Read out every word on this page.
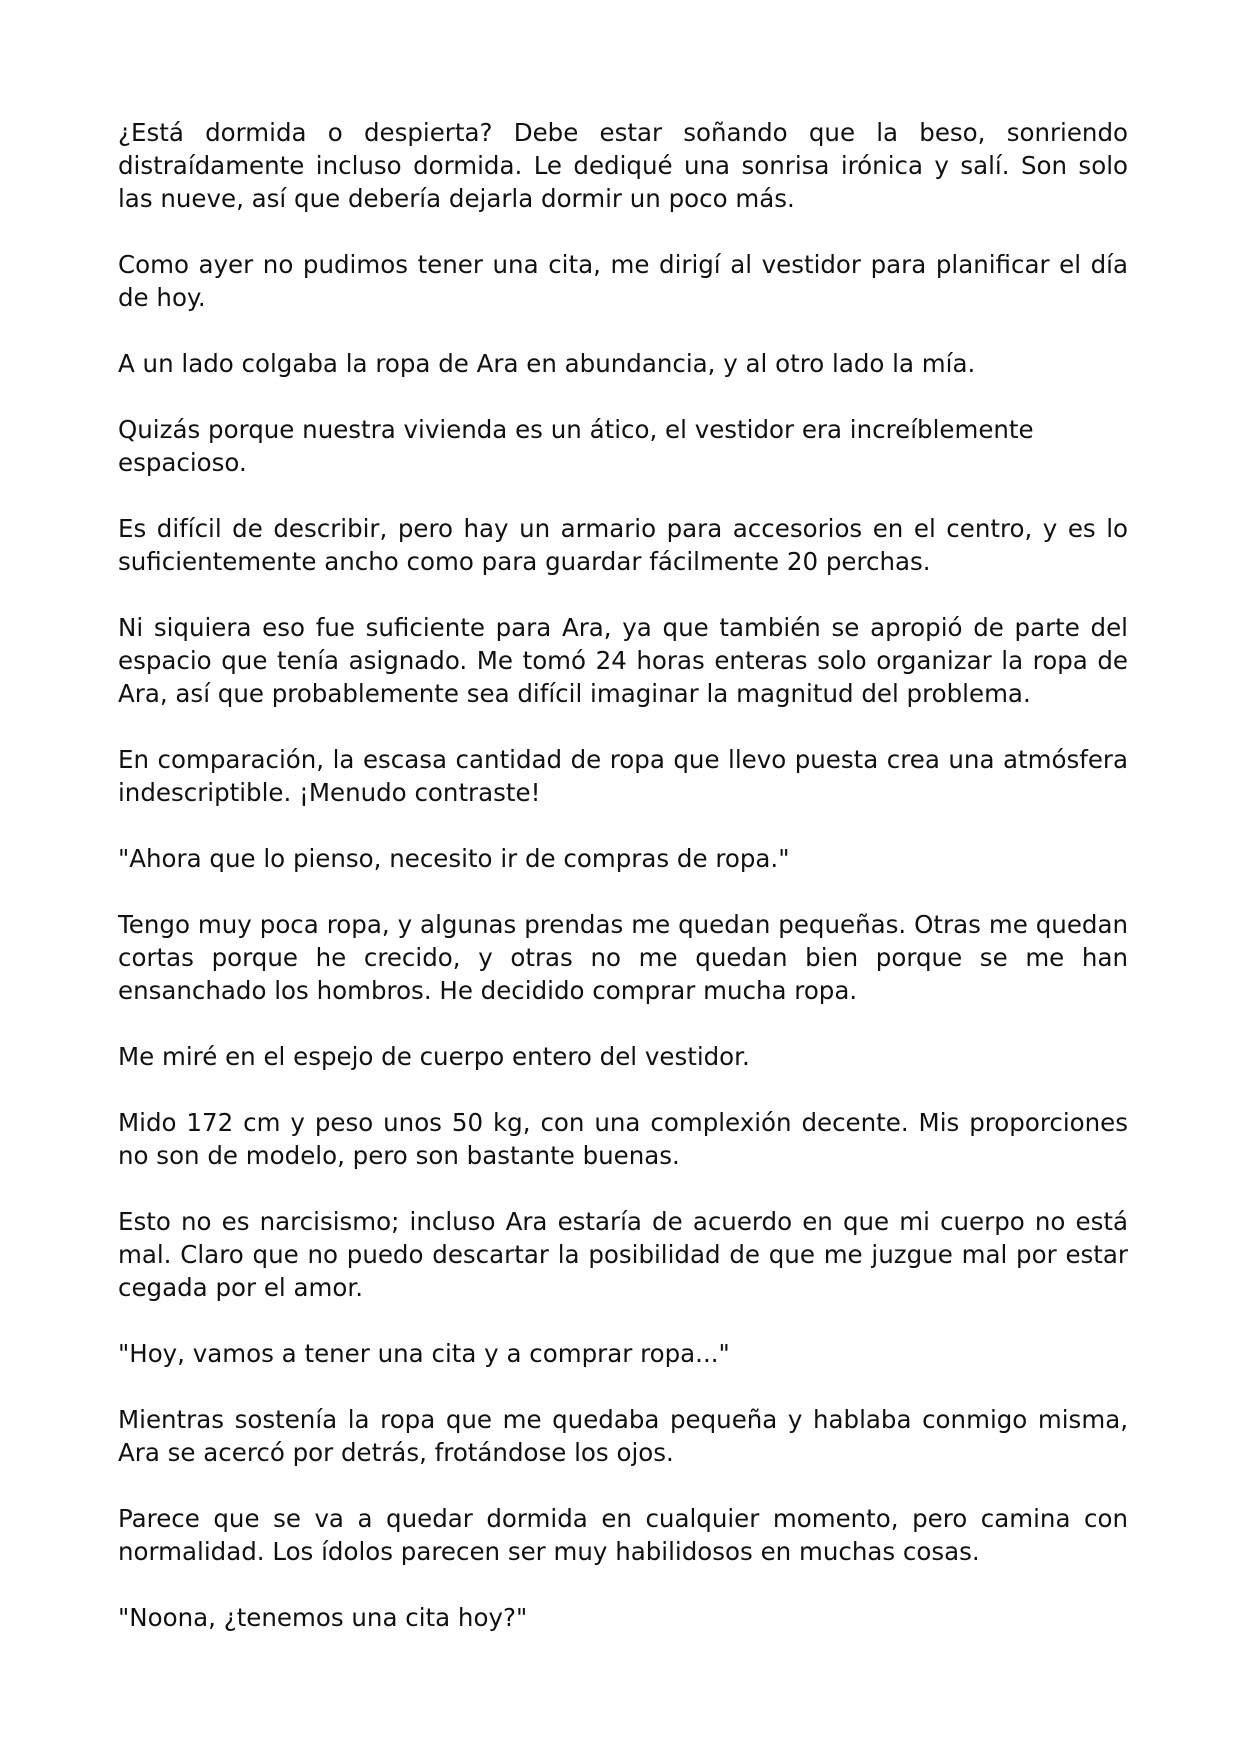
¿Está dormida o despierta? Debe estar soñando que la beso, sonriendo distraídamente incluso dormida. Le dediqué una sonrisa irónica y salí. Son solo las nueve, así que debería dejarla dormir un poco más.

Como ayer no pudimos tener una cita, me dirigí al vestidor para planificar el día de hoy.

A un lado colgaba la ropa de Ara en abundancia, y al otro lado la mía.

Quizás porque nuestra vivienda es un ático, el vestidor era increíblemente espacioso.

Es difícil de describir, pero hay un armario para accesorios en el centro, y es lo suficientemente ancho como para guardar fácilmente 20 perchas.

Ni siquiera eso fue suficiente para Ara, ya que también se apropió de parte del espacio que tenía asignado. Me tomó 24 horas enteras solo organizar la ropa de Ara, así que probablemente sea difícil imaginar la magnitud del problema.

En comparación, la escasa cantidad de ropa que llevo puesta crea una atmósfera indescriptible. ¡Menudo contraste!

"Ahora que lo pienso, necesito ir de compras de ropa."

Tengo muy poca ropa, y algunas prendas me quedan pequeñas. Otras me quedan cortas porque he crecido, y otras no me quedan bien porque se me han ensanchado los hombros. He decidido comprar mucha ropa.

Me miré en el espejo de cuerpo entero del vestidor.

Mido 172 cm y peso unos 50 kg, con una complexión decente. Mis proporciones no son de modelo, pero son bastante buenas.

Esto no es narcisismo; incluso Ara estaría de acuerdo en que mi cuerpo no está mal. Claro que no puedo descartar la posibilidad de que me juzgue mal por estar cegada por el amor.

"Hoy, vamos a tener una cita y a comprar ropa..."

Mientras sostenía la ropa que me quedaba pequeña y hablaba conmigo misma, Ara se acercó por detrás, frotándose los ojos.

Parece que se va a quedar dormida en cualquier momento, pero camina con normalidad. Los ídolos parecen ser muy habilidosos en muchas cosas.

"Noona, ¿tenemos una cita hoy?"
